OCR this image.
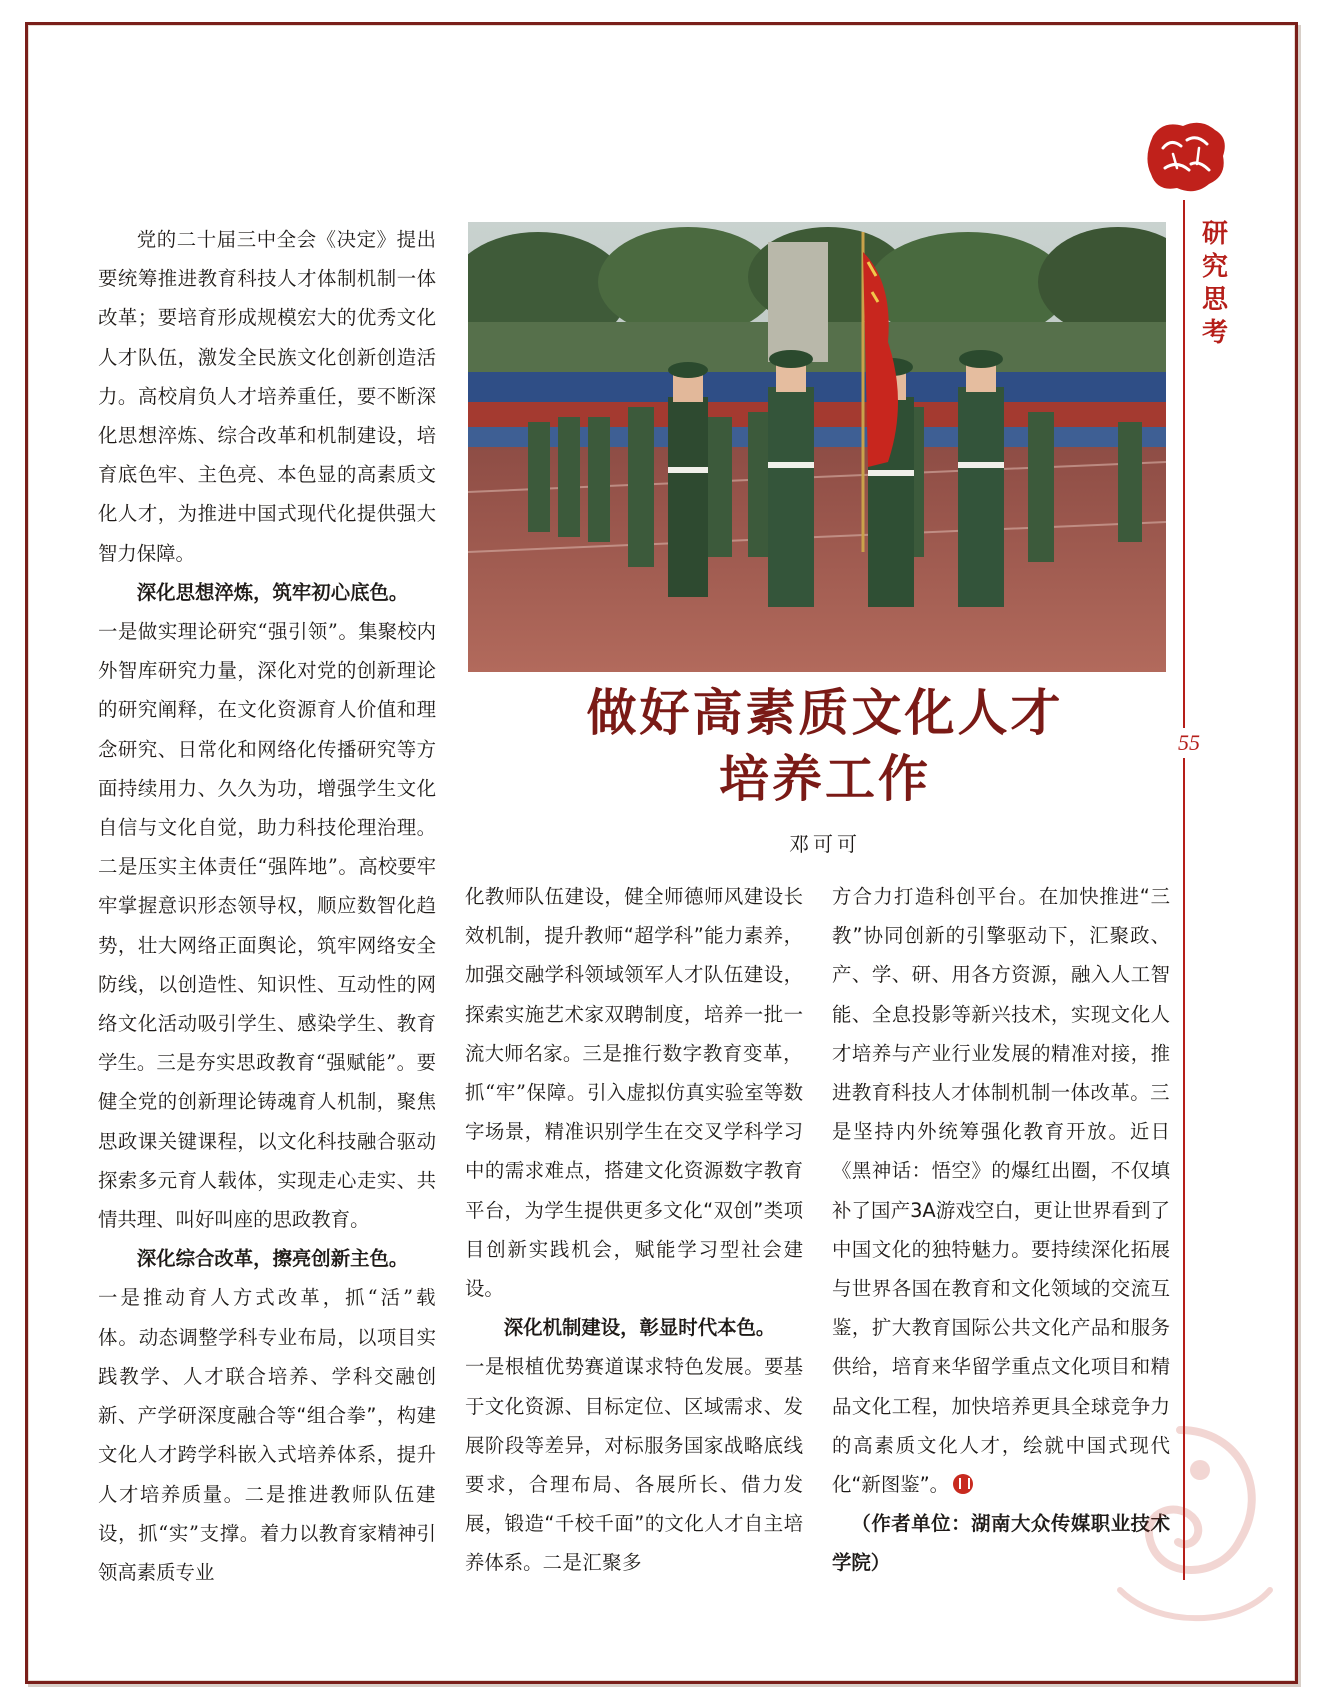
研究思考
55
做好高素质文化人才
培养工作
邓可可

党的二十届三中全会《决定》提出要统筹推进教育科技人才体制机制一体改革；要培育形成规模宏大的优秀文化人才队伍，激发全民族文化创新创造活力。高校肩负人才培养重任，要不断深化思想淬炼、综合改革和机制建设，培育底色牢、主色亮、本色显的高素质文化人才，为推进中国式现代化提供强大智力保障。

深化思想淬炼，筑牢初心底色。

一是做实理论研究“强引领”。集聚校内外智库研究力量，深化对党的创新理论的研究阐释，在文化资源育人价值和理念研究、日常化和网络化传播研究等方面持续用力、久久为功，增强学生文化自信与文化自觉，助力科技伦理治理。二是压实主体责任“强阵地”。高校要牢牢掌握意识形态领导权，顺应数智化趋势，壮大网络正面舆论，筑牢网络安全防线，以创造性、知识性、互动性的网络文化活动吸引学生、感染学生、教育学生。三是夯实思政教育“强赋能”。要健全党的创新理论铸魂育人机制，聚焦思政课关键课程，以文化科技融合驱动探索多元育人载体，实现走心走实、共情共理、叫好叫座的思政教育。

深化综合改革，擦亮创新主色。

一是推动育人方式改革，抓“活”载体。动态调整学科专业布局，以项目实践教学、人才联合培养、学科交融创新、产学研深度融合等“组合拳”，构建文化人才跨学科嵌入式培养体系，提升人才培养质量。二是推进教师队伍建设，抓“实”支撑。着力以教育家精神引领高素质专业

化教师队伍建设，健全师德师风建设长效机制，提升教师“超学科”能力素养，加强交融学科领域领军人才队伍建设，探索实施艺术家双聘制度，培养一批一流大师名家。三是推行数字教育变革，抓“牢”保障。引入虚拟仿真实验室等数字场景，精准识别学生在交叉学科学习中的需求难点，搭建文化资源数字教育平台，为学生提供更多文化“双创”类项目创新实践机会，赋能学习型社会建设。

深化机制建设，彰显时代本色。

一是根植优势赛道谋求特色发展。要基于文化资源、目标定位、区域需求、发展阶段等差异，对标服务国家战略底线要求，合理布局、各展所长、借力发展，锻造“千校千面”的文化人才自主培养体系。二是汇聚多

方合力打造科创平台。在加快推进“三教”协同创新的引擎驱动下，汇聚政、产、学、研、用各方资源，融入人工智能、全息投影等新兴技术，实现文化人才培养与产业行业发展的精准对接，推进教育科技人才体制机制一体改革。三是坚持内外统筹强化教育开放。近日《黑神话：悟空》的爆红出圈，不仅填补了国产3A游戏空白，更让世界看到了中国文化的独特魅力。要持续深化拓展与世界各国在教育和文化领域的交流互鉴，扩大教育国际公共文化产品和服务供给，培育来华留学重点文化项目和精品文化工程，加快培养更具全球竞争力的高素质文化人才，绘就中国式现代化“新图鉴”。

（作者单位：湖南大众传媒职业技术学院）
